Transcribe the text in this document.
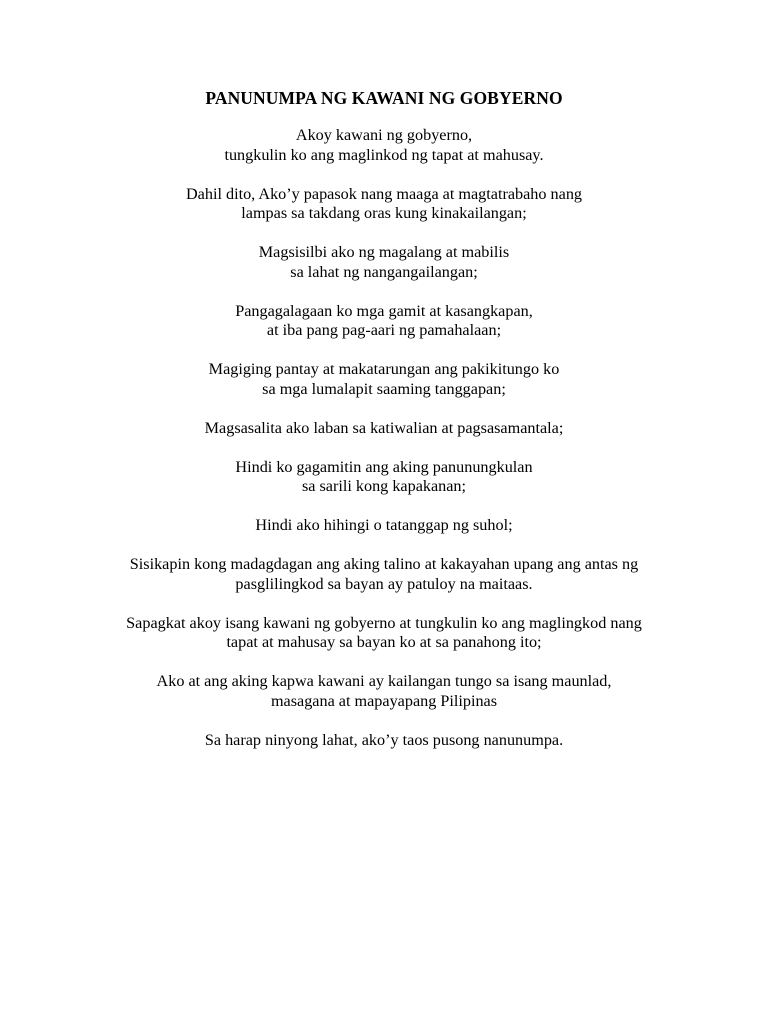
PANUNUMPA NG KAWANI NG GOBYERNO

Akoy kawani ng gobyerno,
tungkulin ko ang maglinkod ng tapat at mahusay.

Dahil dito, Ako’y papasok nang maaga at magtatrabaho nang
lampas sa takdang oras kung kinakailangan;

Magsisilbi ako ng magalang at mabilis
sa lahat ng nangangailangan;

Pangagalagaan ko mga gamit at kasangkapan,
at iba pang pag-aari ng pamahalaan;

Magiging pantay at makatarungan ang pakikitungo ko
sa mga lumalapit saaming tanggapan;

Magsasalita ako laban sa katiwalian at pagsasamantala;

Hindi ko gagamitin ang aking panunungkulan
sa sarili kong kapakanan;

Hindi ako hihingi o tatanggap ng suhol;

Sisikapin kong madagdagan ang aking talino at kakayahan upang ang antas ng
pasglilingkod sa bayan ay patuloy na maitaas.

Sapagkat akoy isang kawani ng gobyerno at tungkulin ko ang maglingkod nang
tapat at mahusay sa bayan ko at sa panahong ito;

Ako at ang aking kapwa kawani ay kailangan tungo sa isang maunlad,
masagana at mapayapang Pilipinas

Sa harap ninyong lahat, ako’y taos pusong nanunumpa.
